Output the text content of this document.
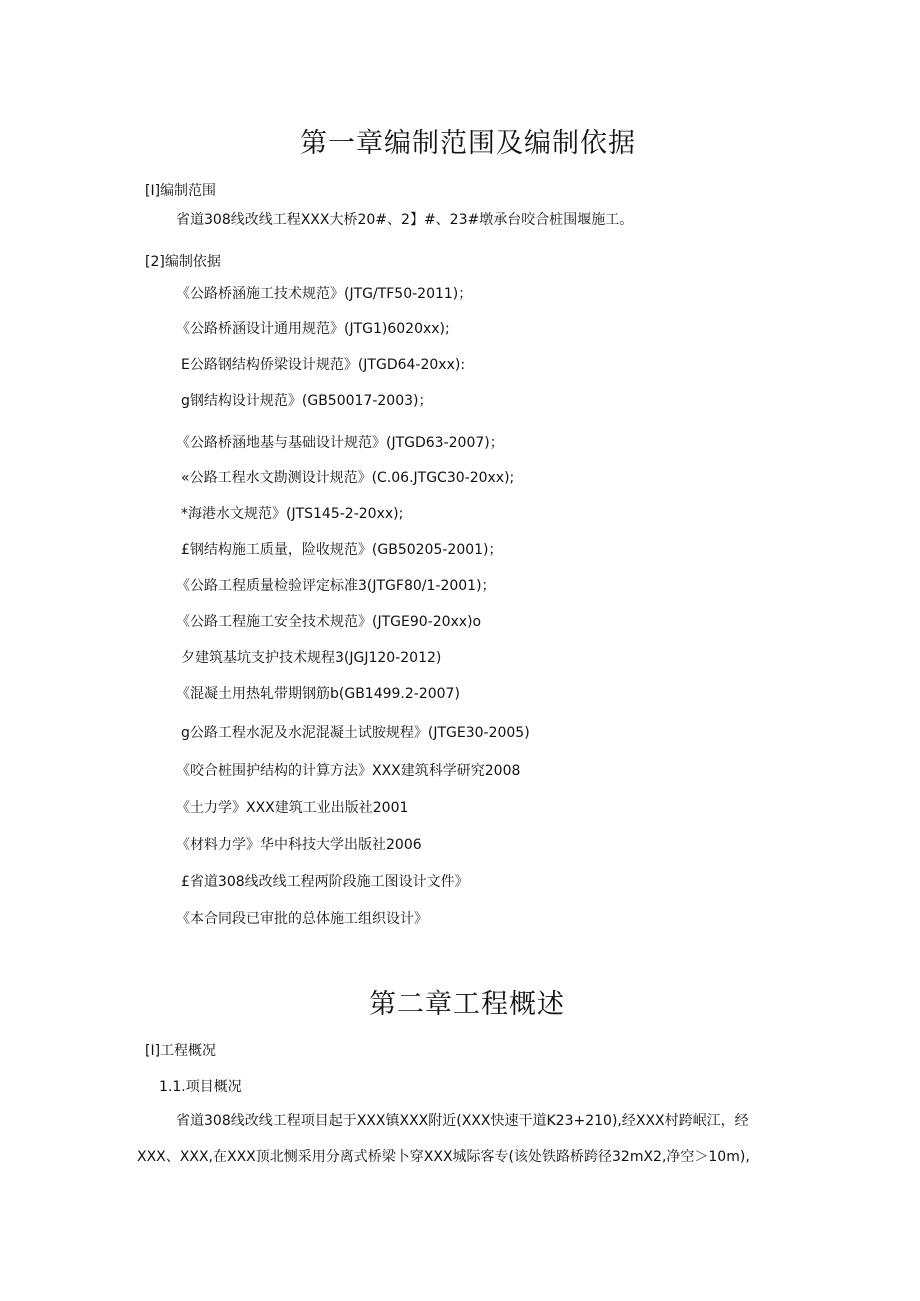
第一章编制范围及编制依据
[I]编制范围
省道308线改线工程XXX大桥20#、2】#、23#墩承台咬合桩围堰施工。
[2]编制依据
《公路桥涵施工技术规范》(JTG/TF50-2011)；
《公路桥涵设计通用规范》(JTG1)6020xx);
E公路钢结构侨梁设计规范》(JTGD64-20xx):
g钢结构设计规范》(GB50017-2003)；
《公路桥涵地基与基础设计规范》(JTGD63-2007)；
«公路工程水文勘测设计规范》(C.06.JTGC30-20xx);
*海港水文规范》(JTS145-2-20xx);
£钢结构施工质量，险收规范》(GB50205-2001)；
《公路工程质量检验评定标准3(JTGF80/1-2001)；
《公路工程施工安全技术规范》(JTGE90-20xx)o
夕建筑基坑支护技术规程3(JGJ120-2012)
《混凝土用热轧带期钢筋b(GB1499.2-2007)
g公路工程水泥及水泥混凝土试胺规程》(JTGE30-2005)
《咬合桩围护结构的计算方法》XXX建筑科学研究2008
《土力学》XXX建筑工业出版社2001
《材料力学》华中科技大学出版社2006
£省道308线改线工程两阶段施工图设计文件》
《本合同段已审批的总体施工组织设计》
第二章工程概述
[I]工程概况
1.1.项目概况
省道308线改线工程项目起于XXX镇XXX附近(XXX快速干道K23+210),经XXX村跨岷江，经
XXX、XXX,在XXX顶北恻采用分离式桥梁卜穿XXX城际客专(该处铁路桥跨径32mX2,净空＞10m),
